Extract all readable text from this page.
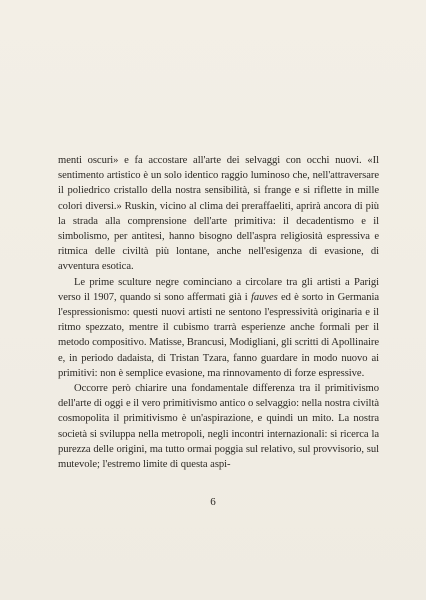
menti oscuri» e fa accostare all'arte dei selvaggi con occhi nuovi. «Il sentimento artistico è un solo identico raggio luminoso che, nell'attraversare il poliedrico cristallo della nostra sensibilità, si frange e si riflette in mille colori diversi.» Ruskin, vicino al clima dei preraffaeliti, aprirà ancora di più la strada alla comprensione dell'arte primitiva: il decadentismo e il simbolismo, per antitesi, hanno bisogno dell'aspra religiosità espressiva e ritmica delle civiltà più lontane, anche nell'esigenza di evasione, di avventura esotica.

Le prime sculture negre cominciano a circolare tra gli artisti a Parigi verso il 1907, quando si sono affermati già i fauves ed è sorto in Germania l'espressionismo: questi nuovi artisti ne sentono l'espressività originaria e il ritmo spezzato, mentre il cubismo trarrà esperienze anche formali per il metodo compositivo. Matisse, Brancusi, Modigliani, gli scritti di Apollinaire e, in periodo dadaista, di Tristan Tzara, fanno guardare in modo nuovo ai primitivi: non è semplice evasione, ma rinnovamento di forze espressive.

Occorre però chiarire una fondamentale differenza tra il primitivismo dell'arte di oggi e il vero primitivismo antico o selvaggio: nella nostra civiltà cosmopolita il primitivismo è un'aspirazione, e quindi un mito. La nostra società si sviluppa nella metropoli, negli incontri internazionali: si ricerca la purezza delle origini, ma tutto ormai poggia sul relativo, sul provvisorio, sul mutevole; l'estremo limite di questa aspi-

6
